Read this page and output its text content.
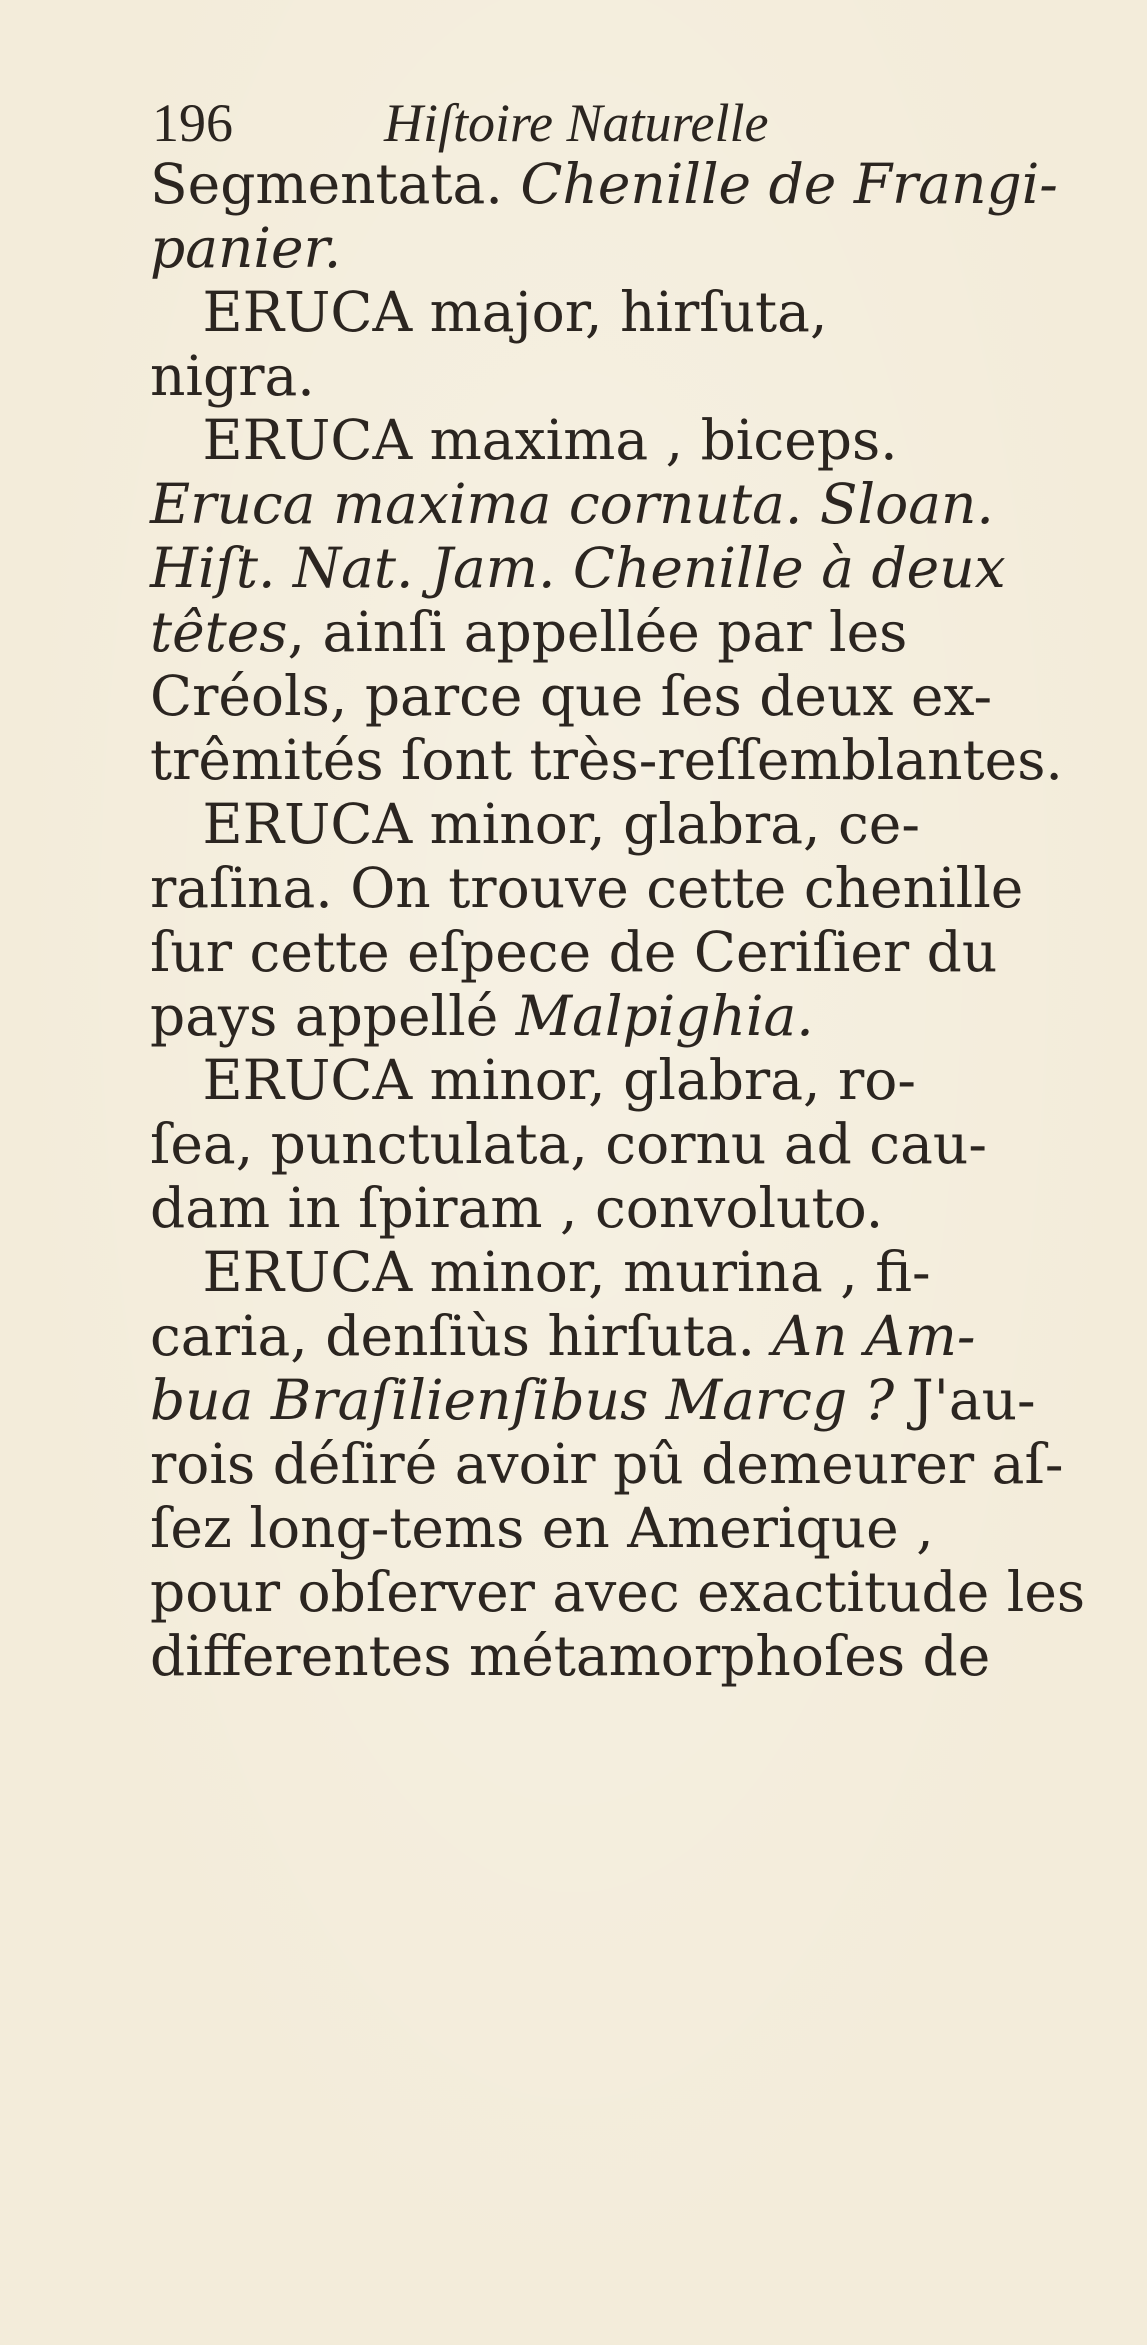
196	Hiſtoire Naturelle
Segmentata. Chenille de Frangi-
panier.
ERUCA major, hirſuta,
nigra.
ERUCA maxima , biceps.
Eruca maxima cornuta. Sloan.
Hiſt. Nat. Jam. Chenille à deux
têtes, ainſi appellée par les
Créols, parce que ſes deux ex-
trêmités ſont très-reſſemblantes.
ERUCA minor, glabra, ce-
raſina. On trouve cette chenille
ſur cette eſpece de Ceriſier du
pays appellé Malpighia.
ERUCA minor, glabra, ro-
ſea, punctulata, cornu ad cau-
dam in ſpiram , convoluto.
ERUCA minor, murina , fi-
caria, denſiùs hirſuta. An Am-
bua Braſilienſibus Marcg ? J'au-
rois déſiré avoir pû demeurer aſ-
ſez long-tems en Amerique ,
pour obſerver avec exactitude les
differentes métamorphoſes de
